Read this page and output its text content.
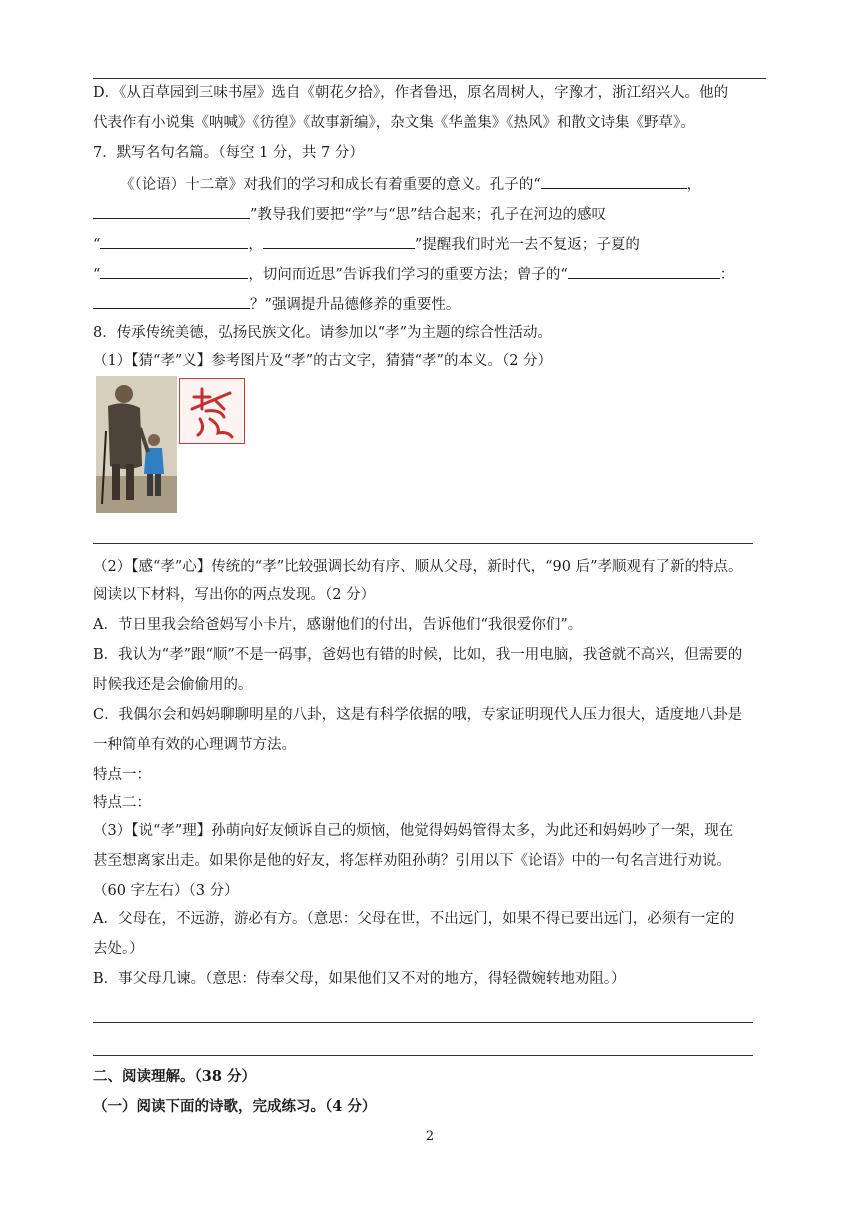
D．《从百草园到三味书屋》选自《朝花夕拾》，作者鲁迅，原名周树人，字豫才，浙江绍兴人。他的
代表作有小说集《呐喊》《彷徨》《故事新编》，杂文集《华盖集》《热风》和散文诗集《野草》。
7．默写名句名篇。（每空 1 分，共 7 分）
《（论语）十二章》对我们的学习和成长有着重要的意义。孔子的“	，
”教导我们要把“学”与“思”结合起来；孔子在河边的感叹
“	，	”提醒我们时光一去不复返；子夏的
“	，切问而近思”告诉我们学习的重要方法；曾子的“	：
？”强调提升品德修养的重要性。
8．传承传统美德，弘扬民族文化。请参加以“孝”为主题的综合性活动。
（1）【猜“孝”义】参考图片及“孝”的古文字，猜猜“孝”的本义。（2 分）
（2）【感“孝”心】传统的“孝”比较强调长幼有序、顺从父母，新时代，“90 后”孝顺观有了新的特点。
阅读以下材料，写出你的两点发现。（2 分）
A．节日里我会给爸妈写小卡片，感谢他们的付出，告诉他们“我很爱你们”。
B．我认为“孝”跟“顺”不是一码事，爸妈也有错的时候，比如，我一用电脑，我爸就不高兴，但需要的
时候我还是会偷偷用的。
C．我偶尔会和妈妈聊聊明星的八卦，这是有科学依据的哦，专家证明现代人压力很大，适度地八卦是
一种简单有效的心理调节方法。
特点一：
特点二：
（3）【说“孝”理】孙萌向好友倾诉自己的烦恼，他觉得妈妈管得太多，为此还和妈妈吵了一架，现在
甚至想离家出走。如果你是他的好友，将怎样劝阻孙萌？引用以下《论语》中的一句名言进行劝说。
（60 字左右）（3 分）
A．父母在，不远游，游必有方。（意思：父母在世，不出远门，如果不得已要出远门，必须有一定的
去处。）
B．事父母几谏。（意思：侍奉父母，如果他们又不对的地方，得轻微婉转地劝阻。）
二、阅读理解。（38 分）
（一）阅读下面的诗歌，完成练习。（4 分）
2
